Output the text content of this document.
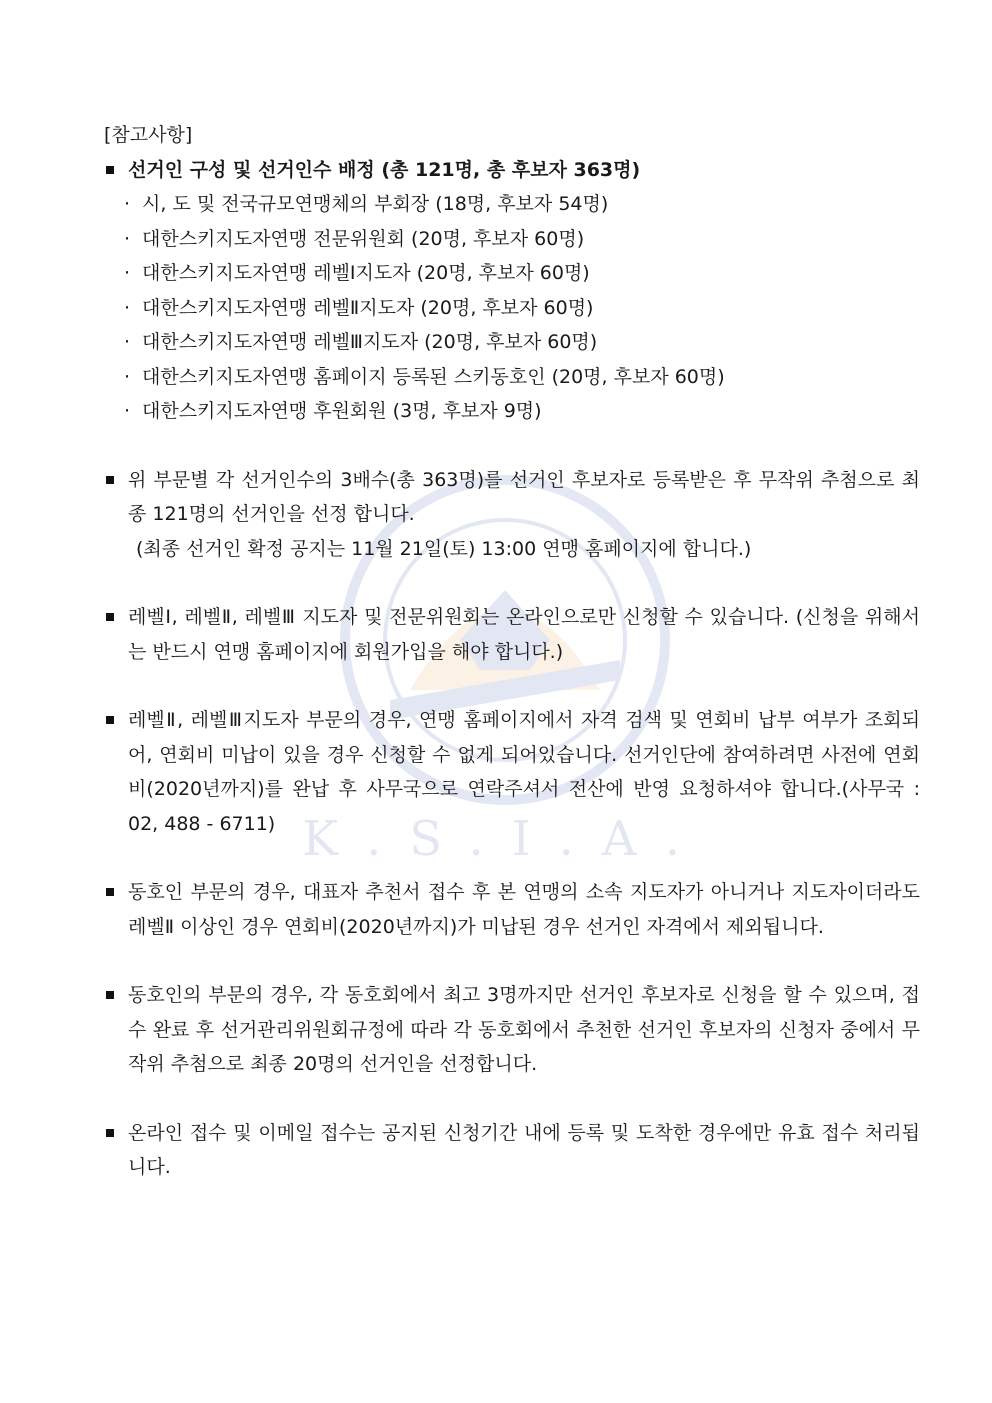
K.S.I.A.
[참고사항]
선거인 구성 및 선거인수 배정 (총 121명, 총 후보자 363명)
· 시, 도 및 전국규모연맹체의 부회장 (18명, 후보자 54명)
· 대한스키지도자연맹 전문위원회 (20명, 후보자 60명)
· 대한스키지도자연맹 레벨Ⅰ지도자 (20명, 후보자 60명)
· 대한스키지도자연맹 레벨Ⅱ지도자 (20명, 후보자 60명)
· 대한스키지도자연맹 레벨Ⅲ지도자 (20명, 후보자 60명)
· 대한스키지도자연맹 홈페이지 등록된 스키동호인 (20명, 후보자 60명)
· 대한스키지도자연맹 후원회원 (3명, 후보자 9명)
위 부문별 각 선거인수의 3배수(총 363명)를 선거인 후보자로 등록받은 후 무작위 추첨으로 최종 121명의 선거인을 선정 합니다.
(최종 선거인 확정 공지는 11월 21일(토) 13:00 연맹 홈페이지에 합니다.)
레벨Ⅰ, 레벨Ⅱ, 레벨Ⅲ 지도자 및 전문위원회는 온라인으로만 신청할 수 있습니다. (신청을 위해서는 반드시 연맹 홈페이지에 회원가입을 해야 합니다.)
레벨Ⅱ, 레벨Ⅲ지도자 부문의 경우, 연맹 홈페이지에서 자격 검색 및 연회비 납부 여부가 조회되어, 연회비 미납이 있을 경우 신청할 수 없게 되어있습니다. 선거인단에 참여하려면 사전에 연회비(2020년까지)를 완납 후 사무국으로 연락주셔서 전산에 반영 요청하셔야 합니다.(사무국 : 02, 488 - 6711)
동호인 부문의 경우, 대표자 추천서 접수 후 본 연맹의 소속 지도자가 아니거나 지도자이더라도 레벨Ⅱ 이상인 경우 연회비(2020년까지)가 미납된 경우 선거인 자격에서 제외됩니다.
동호인의 부문의 경우, 각 동호회에서 최고 3명까지만 선거인 후보자로 신청을 할 수 있으며, 접수 완료 후 선거관리위원회규정에 따라 각 동호회에서 추천한 선거인 후보자의 신청자 중에서 무작위 추첨으로 최종 20명의 선거인을 선정합니다.
온라인 접수 및 이메일 접수는 공지된 신청기간 내에 등록 및 도착한 경우에만 유효 접수 처리됩니다.
